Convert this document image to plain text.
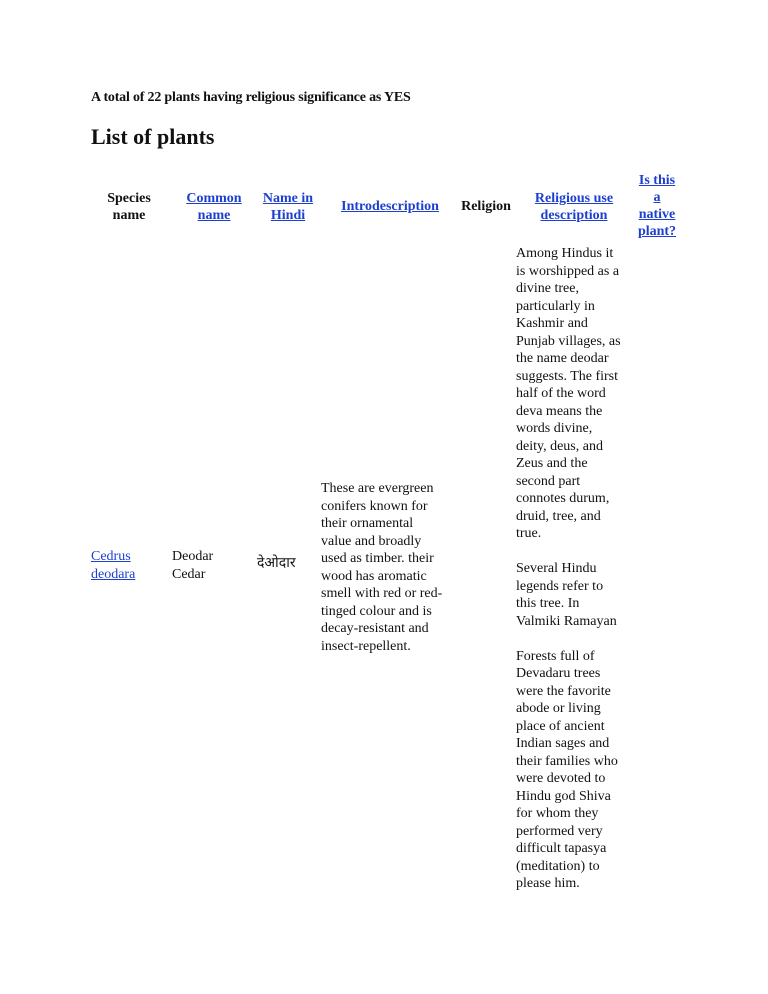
A total of 22 plants having religious significance as YES
List of plants
Species
name
Common
name
Name in
Hindi
Introdescription	Religion
Religious use
description
Is this
a
native
plant?
Cedrus
deodara
Deodar
Cedar
देओदार
These are evergreen
conifers known for
their ornamental
value and broadly
used as timber. their
wood has aromatic
smell with red or red-
tinged colour and is
decay-resistant and
insect-repellent.
Among Hindus it
is worshipped as a
divine tree,
particularly in
Kashmir and
Punjab villages, as
the name deodar
suggests. The first
half of the word
deva means the
words divine,
deity, deus, and
Zeus and the
second part
connotes durum,
druid, tree, and
true.
Several Hindu
legends refer to
this tree. In
Valmiki Ramayan
Forests full of
Devadaru trees
were the favorite
abode or living
place of ancient
Indian sages and
their families who
were devoted to
Hindu god Shiva
for whom they
performed very
difficult tapasya
(meditation) to
please him.
